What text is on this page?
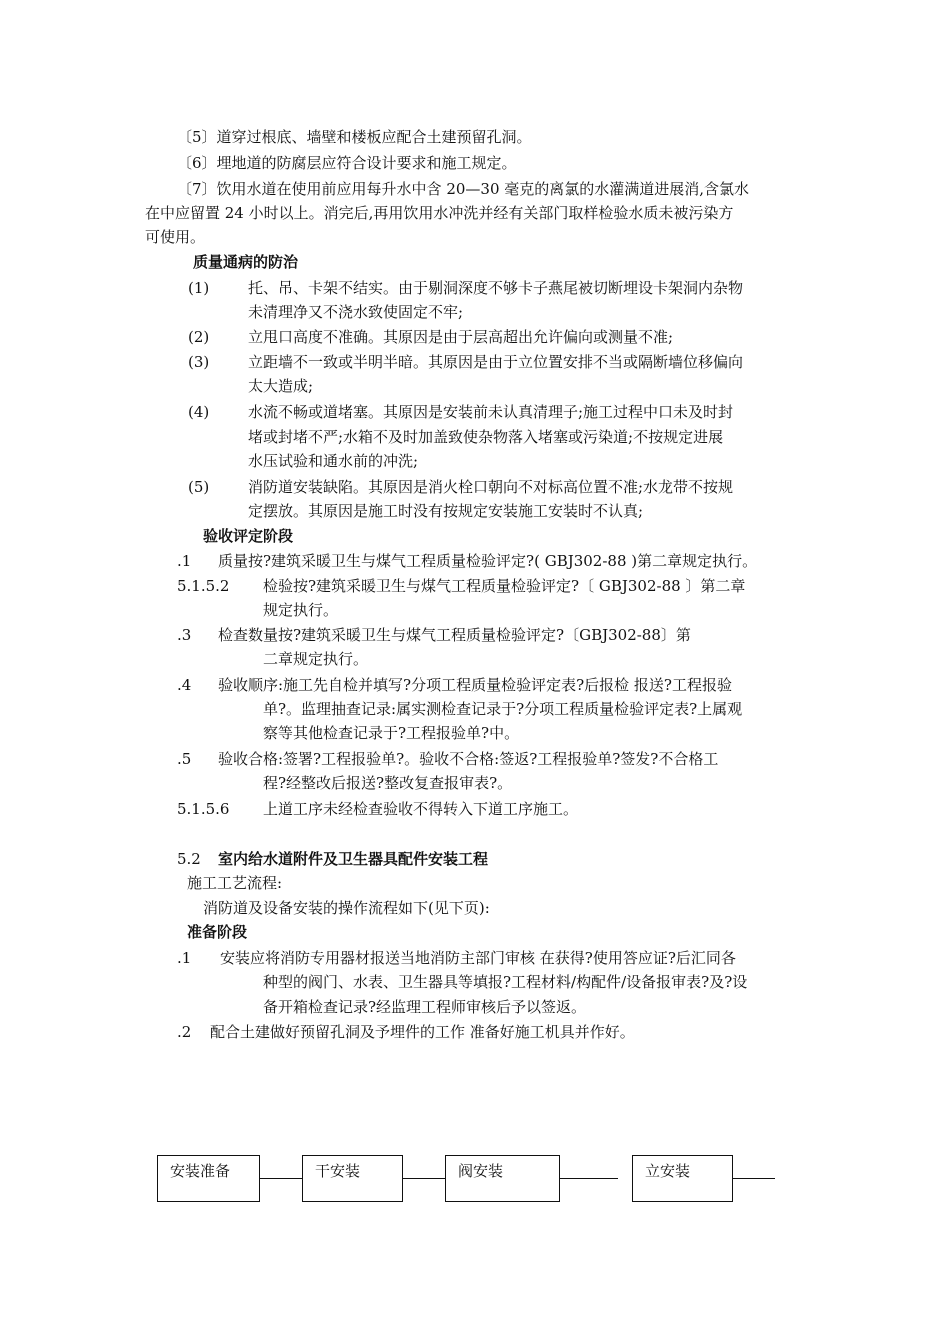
〔5〕道穿过根底、墙壁和楼板应配合土建预留孔洞。
〔6〕埋地道的防腐层应符合设计要求和施工规定。
〔7〕饮用水道在使用前应用每升水中含 20—30 毫克的离氯的水灌满道进展消,含氯水
在中应留置 24 小时以上。消完后,再用饮用水冲洗并经有关部门取样检验水质未被污染方
可使用。
质量通病的防治
(1)	托、吊、卡架不结实。由于剔洞深度不够卡子燕尾被切断埋设卡架洞内杂物
未清理净又不浇水致使固定不牢;
(2)	立甩口高度不准确。其原因是由于层高超出允许偏向或测量不准;
(3)	立距墙不一致或半明半暗。其原因是由于立位置安排不当或隔断墙位移偏向
太大造成;
(4)	水流不畅或道堵塞。其原因是安装前未认真清理子;施工过程中口未及时封
堵或封堵不严;水箱不及时加盖致使杂物落入堵塞或污染道;不按规定进展
水压试验和通水前的冲洗;
(5)	消防道安装缺陷。其原因是消火栓口朝向不对标高位置不准;水龙带不按规
定摆放。其原因是施工时没有按规定安装施工安装时不认真;
验收评定阶段
.1 质量按?建筑采暖卫生与煤气工程质量检验评定?( GBJ302-88 )第二章规定执行。
5.1.5.2 检验按?建筑采暖卫生与煤气工程质量检验评定?〔 GBJ302-88 〕第二章
规定执行。
.3 检查数量按?建筑采暖卫生与煤气工程质量检验评定?〔GBJ302-88〕第
二章规定执行。
.4 验收顺序:施工先自检并填写?分项工程质量检验评定表?后报检 报送?工程报验
单?。监理抽查记录:属实测检查记录于?分项工程质量检验评定表?上属观
察等其他检查记录于?工程报验单?中。
.5 验收合格:签署?工程报验单?。验收不合格:签返?工程报验单?签发?不合格工
程?经整改后报送?整改复查报审表?。
5.1.5.6 上道工序未经检查验收不得转入下道工序施工。
5.2 室内给水道附件及卫生器具配件安装工程
施工工艺流程:
消防道及设备安装的操作流程如下(见下页):
准备阶段
.1 安装应将消防专用器材报送当地消防主部门审核 在获得?使用答应证?后汇同各
种型的阀门、水表、卫生器具等填报?工程材料/构配件/设备报审表?及?设
备开箱检查记录?经监理工程师审核后予以签返。
.2 配合土建做好预留孔洞及予埋件的工作 准备好施工机具并作好。
安装准备	干安装	阀安装	立安装
